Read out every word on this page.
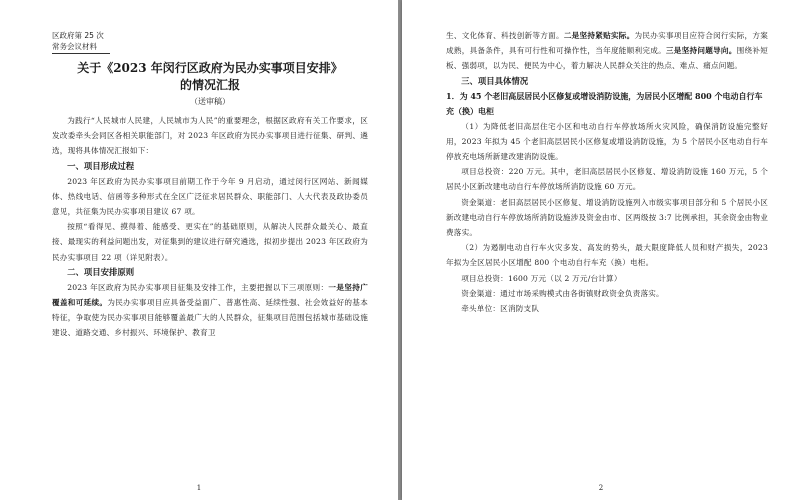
区政府第 25 次
常务会议材料
关于《2023 年闵行区政府为民办实事项目安排》
的情况汇报
（送审稿）

为践行“人民城市人民建，人民城市为人民”的重要理念，根据区政府有关工作要求，区发改委牵头会同区各相关职能部门，对 2023 年区政府为民办实事项目进行征集、研判、遴选，现将具体情况汇报如下：

一、项目形成过程

2023 年区政府为民办实事项目前期工作于今年 9 月启动，通过闵行区网站、新闻媒体、热线电话、信函等多种形式在全区广泛征求居民群众、职能部门、人大代表及政协委员意见，共征集为民办实事项目建议 67 项。

按照“看得见、摸得着、能感受、更实在”的基础原则，从解决人民群众最关心、最直接、最现实的利益问题出发，对征集到的建议进行研究遴选，拟初步提出 2023 年区政府为民办实事项目 22 项（详见附表）。

二、项目安排原则

2023 年区政府为民办实事项目征集及安排工作，主要把握以下三项原则：一是坚持广覆盖和可延续。为民办实事项目应具备受益面广、普惠性高、延续性强、社会效益好的基本特征，争取使为民办实事项目能够覆盖最广大的人民群众，征集项目范围包括城市基础设施建设、道路交通、乡村振兴、环境保护、教育卫

1

生、文化体育、科技创新等方面。二是坚持紧贴实际。为民办实事项目应符合闵行实际，方案成熟，具备条件，具有可行性和可操作性，当年度能顺利完成。三是坚持问题导向。围绕补短板、强弱项，以为民、便民为中心，着力解决人民群众关注的热点、难点、痛点问题。

三、项目具体情况
1．为 45 个老旧高层居民小区修复或增设消防设施，为居民小区增配 800 个电动自行车充（换）电柜

（1）为降低老旧高层住宅小区和电动自行车停放场所火灾风险，确保消防设施完整好用，2023 年拟为 45 个老旧高层居民小区修复或增设消防设施，为 5 个居民小区电动自行车停放充电场所新建改建消防设施。

项目总投资：220 万元。其中，老旧高层居民小区修复、增设消防设施 160 万元，5 个居民小区新改建电动自行车停放场所消防设施 60 万元。

资金渠道：老旧高层居民小区修复、增设消防设施列入市级实事项目部分和 5 个居民小区新改建电动自行车停放场所消防设施涉及资金由市、区两级按 3:7 比例承担，其余资金由物业费落实。

（2）为遏制电动自行车火灾多发、高发的势头，最大限度降低人员和财产损失，2023 年拟为全区居民小区增配 800 个电动自行车充（换）电柜。

项目总投资：1600 万元（以 2 万元/台计算）

资金渠道：通过市场采购模式由各街镇财政资金负责落实。

牵头单位：区消防支队

2
